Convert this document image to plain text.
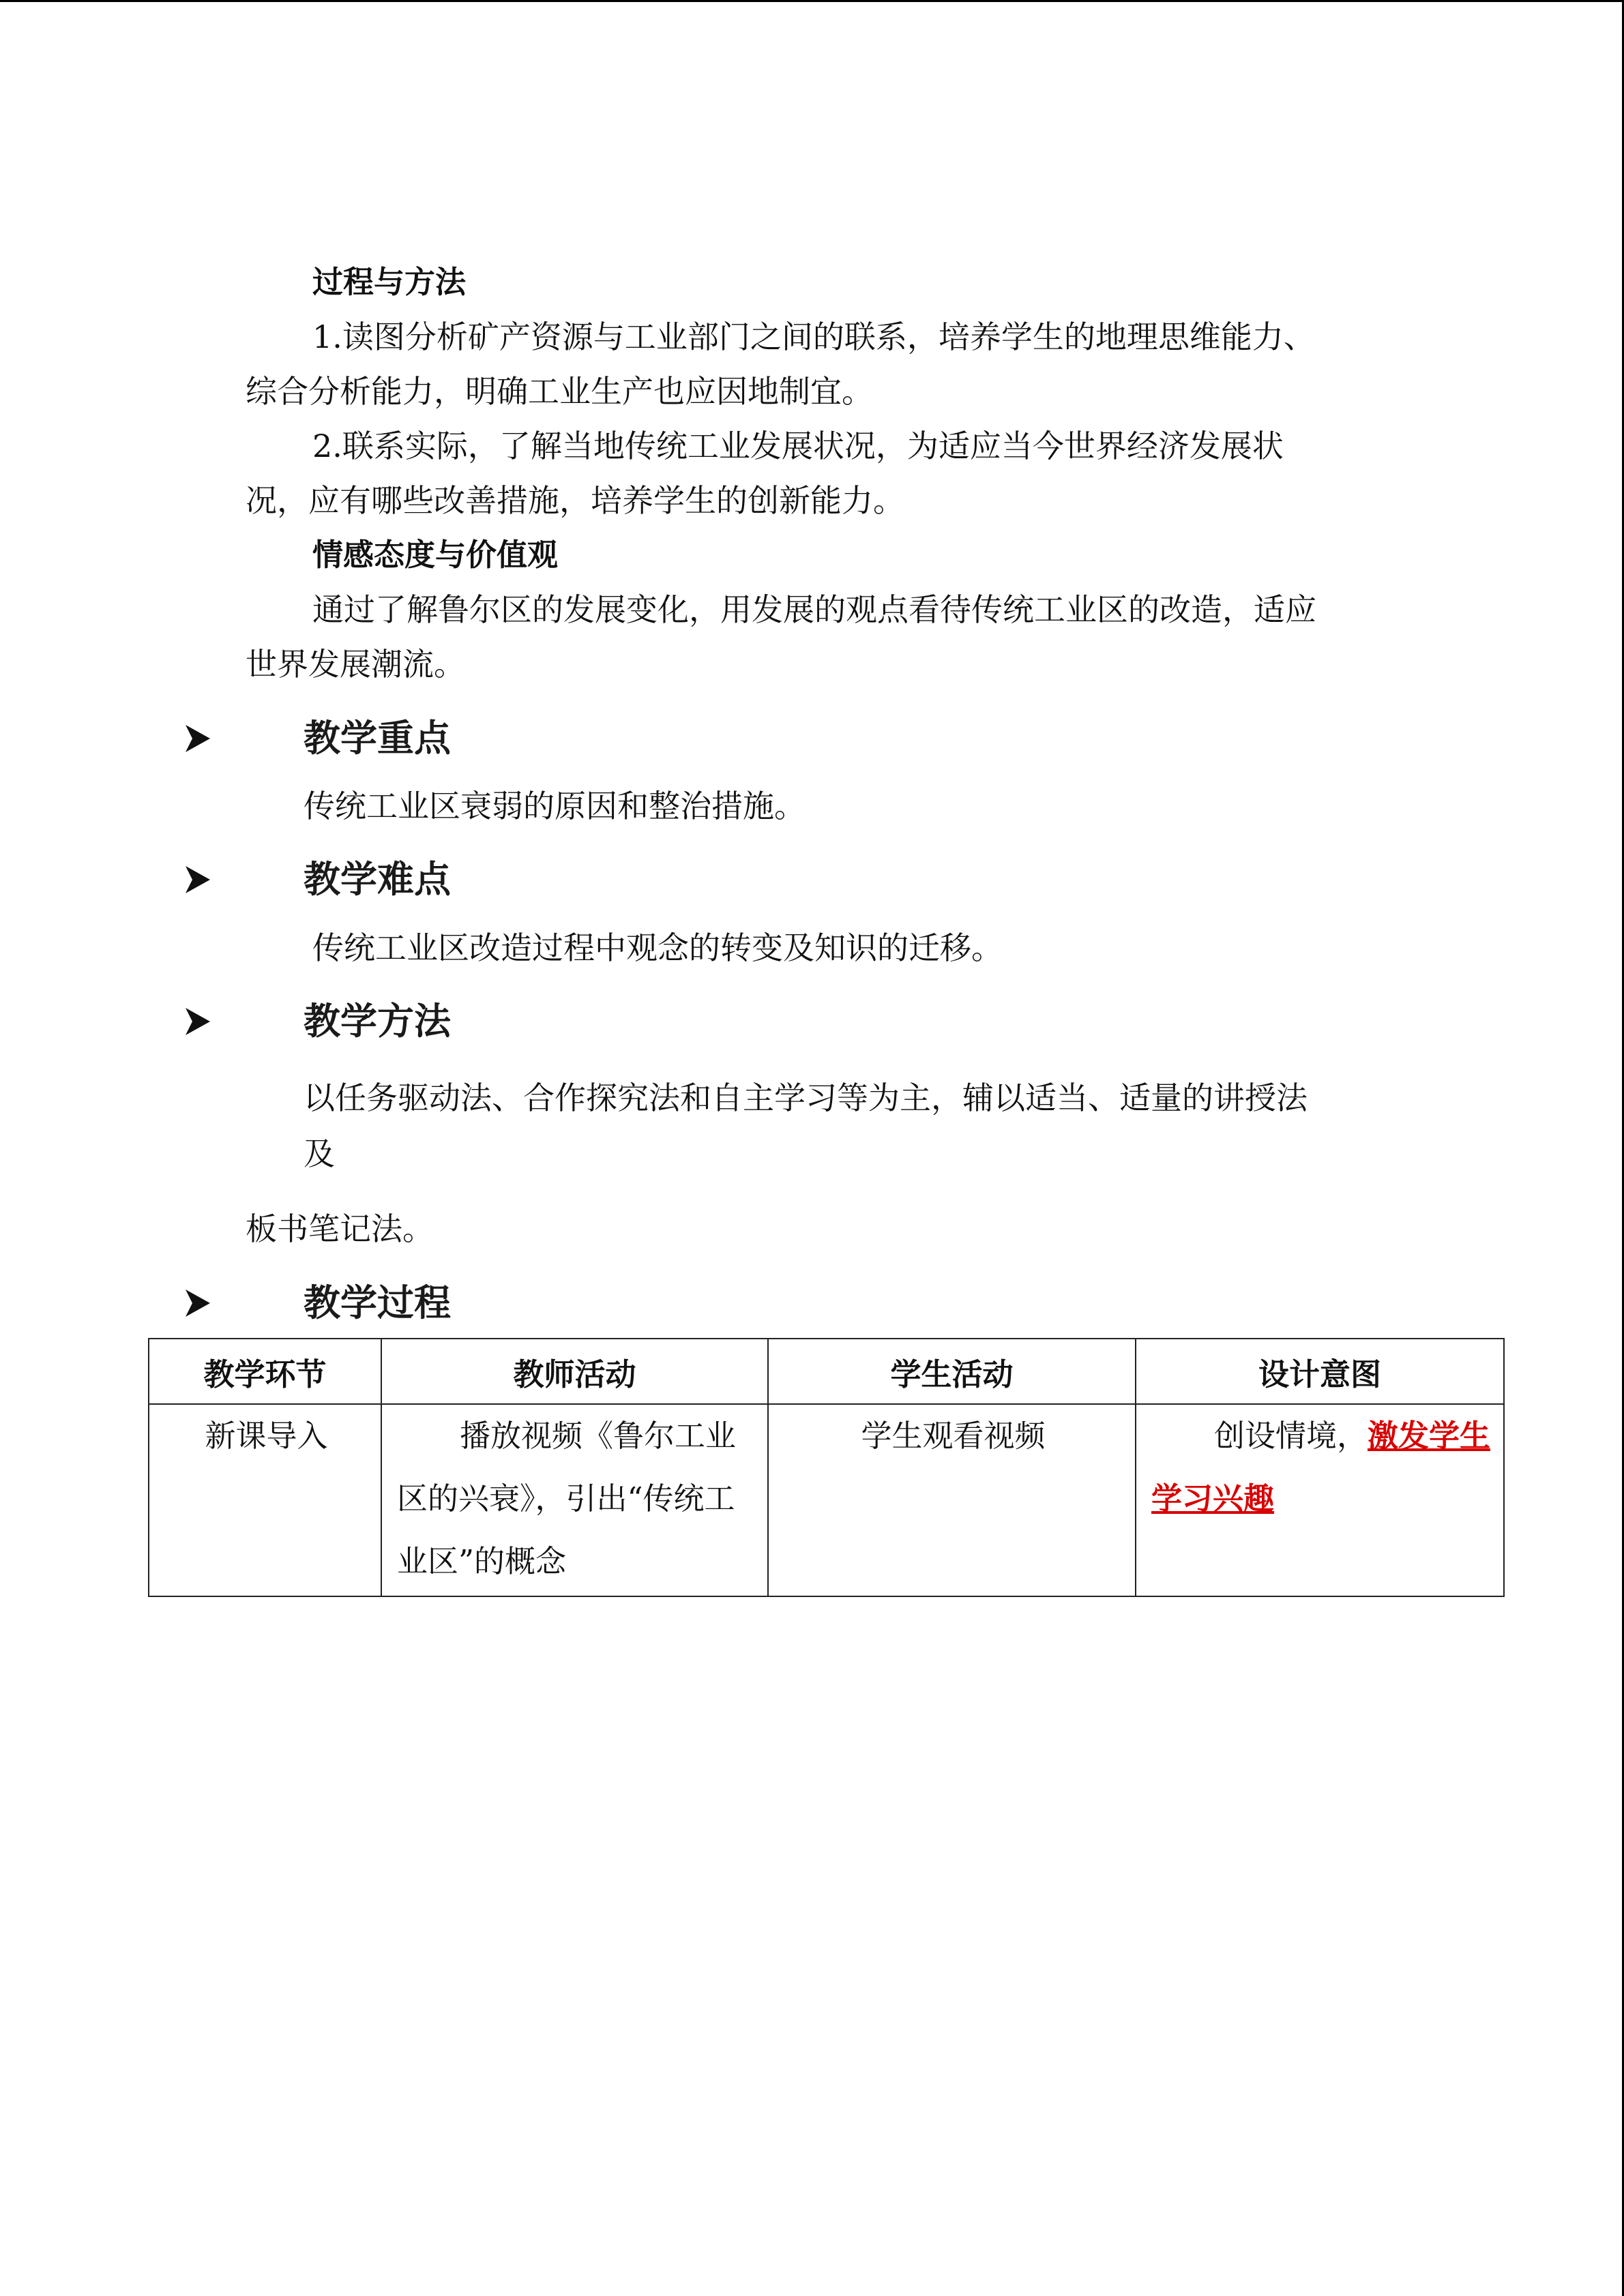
过程与方法

1.读图分析矿产资源与工业部门之间的联系，培养学生的地理思维能力、

综合分析能力，明确工业生产也应因地制宜。

2.联系实际，了解当地传统工业发展状况，为适应当今世界经济发展状

况，应有哪些改善措施，培养学生的创新能力。

情感态度与价值观

通过了解鲁尔区的发展变化，用发展的观点看待传统工业区的改造，适应

世界发展潮流。

教学重点

传统工业区衰弱的原因和整治措施。

教学难点

传统工业区改造过程中观念的转变及知识的迁移。

教学方法

以任务驱动法、合作探究法和自主学习等为主，辅以适当、适量的讲授法

及

板书笔记法。

教学过程
教学环节	教师活动	学生活动	设计意图
新课导入	播放视频《鲁尔工业区的兴衰》，引出“传统工业区”的概念	学生观看视频	创设情境，激发学生学习兴趣
